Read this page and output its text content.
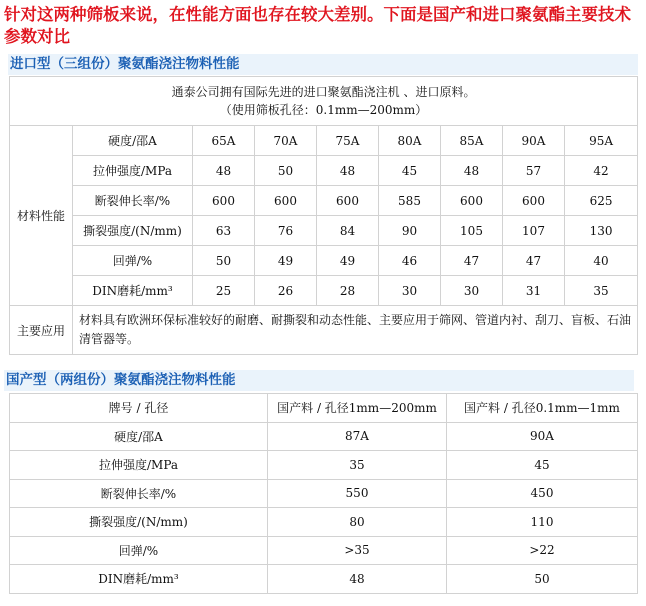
针对这两种筛板来说，在性能方面也存在较大差别。下面是国产和进口聚氨酯主要技术参数对比
进口型（三组份）聚氨酯浇注物料性能
通泰公司拥有国际先进的进口聚氨酯浇注机 、进口原料。
（使用筛板孔径：0.1mm—200mm）								

材料性能	硬度/邵A	65A	70A	75A	80A	85A	90A	95A
	拉伸强度/MPa	48	50	48	45	48	57	42
	断裂伸长率/%	600	600	600	585	600	600	625
	撕裂强度/(N/mm)	63	76	84	90	105	107	130
	回弹/%	50	49	49	46	47	47	40
	DIN磨耗/mm³	25	26	28	30	30	31	35
主要应用	材料具有欧洲环保标准较好的耐磨、耐撕裂和动态性能、主要应用于筛网、管道内衬、刮刀、盲板、石油清管器等。							
国产型（两组份）聚氨酯浇注物料性能
牌号 / 孔径	国产料 / 孔径1mm—200mm	国产料 / 孔径0.1mm—1mm
硬度/邵A	87A	90A
拉伸强度/MPa	35	45
断裂伸长率/%	550	450
撕裂强度/(N/mm)	80	110
回弹/%	>35	>22
DIN磨耗/mm³	48	50
